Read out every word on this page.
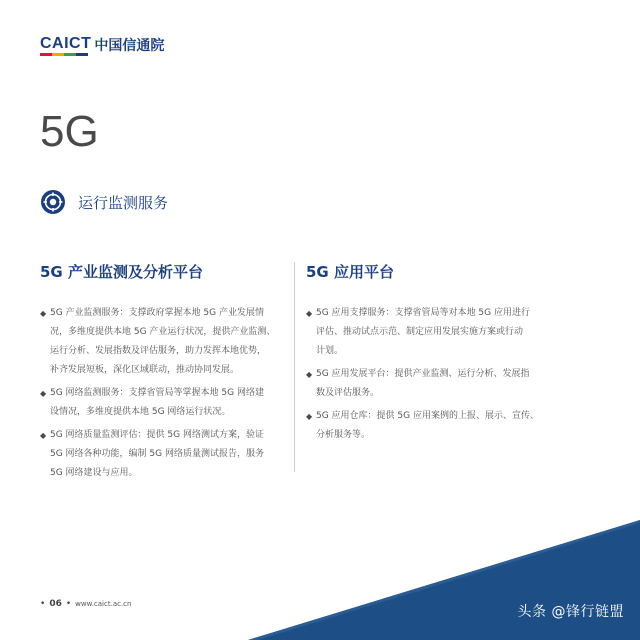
CAICT 中国信通院
5G
运行监测服务
5G 产业监测及分析平台
◆ 5G 产业监测服务：支撑政府掌握本地 5G 产业发展情
况，多维度提供本地 5G 产业运行状况，提供产业监测、
运行分析、发展指数及评估服务，助力发挥本地优势，
补齐发展短板，深化区域联动，推动协同发展。
◆ 5G 网络监测服务：支撑省管局等掌握本地 5G 网络建
设情况，多维度提供本地 5G 网络运行状况。
◆ 5G 网络质量监测评估：提供 5G 网络测试方案，验证
5G 网络各种功能，编制 5G 网络质量测试报告，服务
5G 网络建设与应用。
5G 应用平台
◆ 5G 应用支撑服务：支撑省管局等对本地 5G 应用进行
评估、推动试点示范、制定应用发展实施方案或行动
计划。
◆ 5G 应用发展平台：提供产业监测、运行分析、发展指
数及评估服务。
◆ 5G 应用仓库：提供 5G 应用案例的上报、展示、宣传、
分析服务等。
• 06 • www.caict.ac.cn	头条 @锋行链盟
